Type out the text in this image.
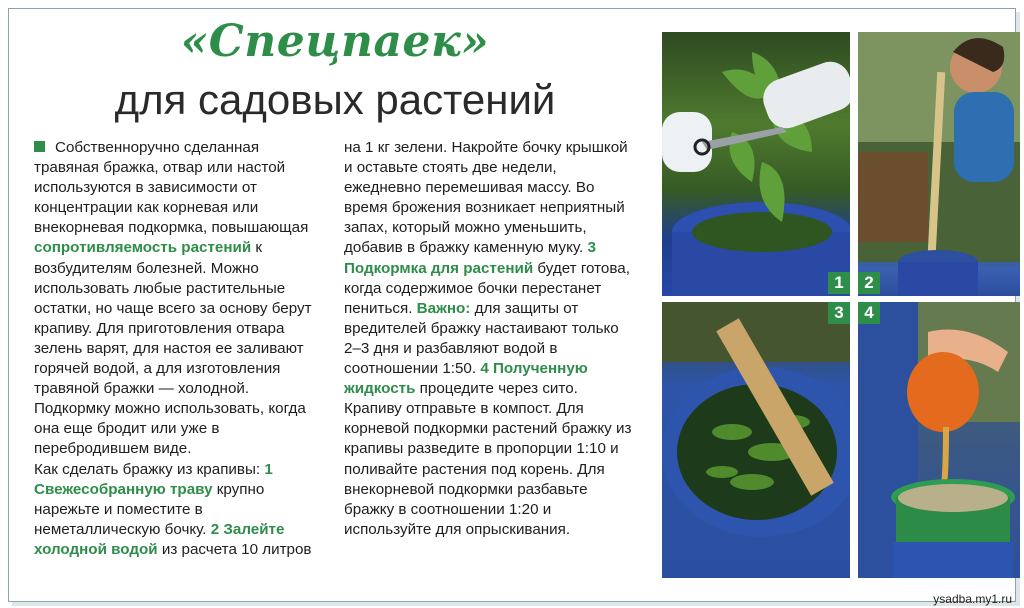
«Спецпаек»
для садовых растений

Собственноручно сделанная травяная бражка, отвар или настой используются в зависимости от концентрации как корневая или внекорневая подкормка, повышающая сопротивляемость растений к возбудителям болезней. Можно использовать любые растительные остатки, но чаще всего за основу берут крапиву. Для приготовления отвара зелень варят, для настоя ее заливают горячей водой, а для изготовления травяной бражки — холодной. Подкормку можно использовать, когда она еще бродит или уже в перебродившем виде.

Как сделать бражку из крапивы: 1 Свежесобранную траву крупно нарежьте и поместите в неметаллическую бочку. 2 Залейте холодной водой из расчета 10 литров

на 1 кг зелени. Накройте бочку крышкой и оставьте стоять две недели, ежедневно перемешивая массу. Во время брожения возникает неприятный запах, который можно уменьшить, добавив в бражку каменную муку. 3 Подкормка для растений будет готова, когда содержимое бочки перестанет пениться. Важно: для защиты от вредителей бражку настаивают только 2–3 дня и разбавляют водой в соотношении 1:50. 4 Полученную жидкость процедите через сито. Крапиву отправьте в компост. Для корневой подкормки растений бражку из крапивы разведите в пропорции 1:10 и поливайте растения под корень. Для внекорневой подкормки разбавьте бражку в соотношении 1:20 и используйте для опрыскивания.

1	2
3	4
ysadba.my1.ru
